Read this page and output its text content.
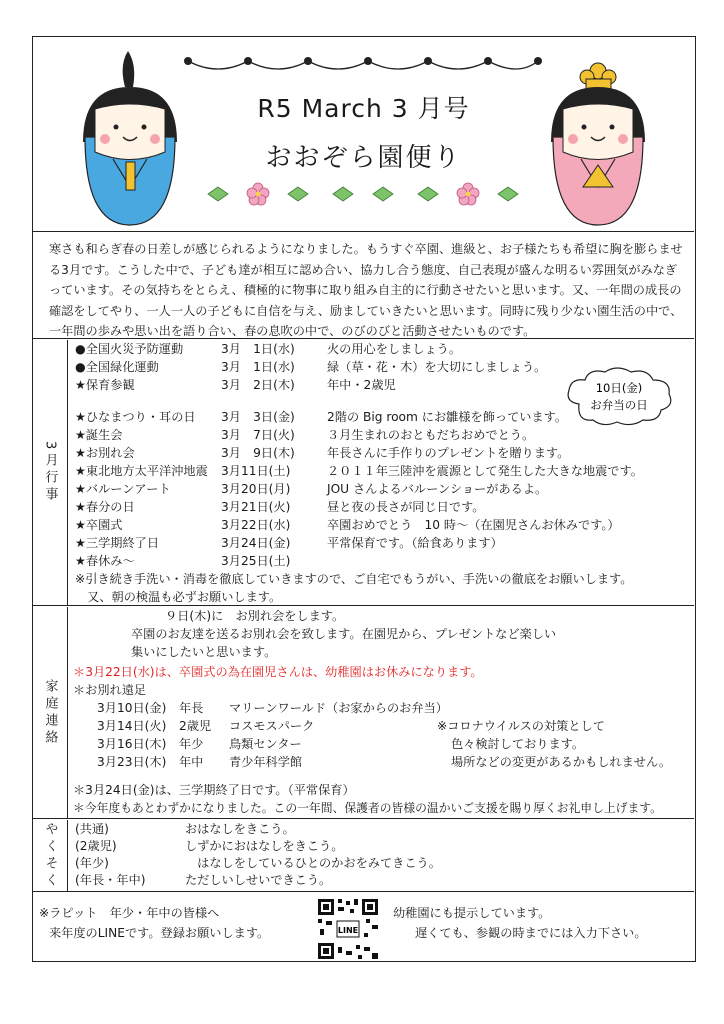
R5 March 3 月号
おおぞら園便り

寒さも和らぎ春の日差しが感じられるようになりました。もうすぐ卒園、進級と、お子様たちも希望に胸を膨らませ

る3月です。こうした中で、子ども達が相互に認め合い、協力し合う態度、自己表現が盛んな明るい雰囲気がみなぎ

っています。その気持ちをとらえ、積極的に物事に取り組み自主的に行動させたいと思います。又、一年間の成長の

確認をしてやり、一人一人の子どもに自信を与え、励ましていきたいと思います。同時に残り少ない園生活の中で、

一年間の歩みや思い出を語り合い、春の息吹の中で、のびのびと活動させたいものです。

3月行事
●全国火災予防運動	3月　1日(水)	火の用心をしましょう。
●全国緑化運動	3月　1日(水)	緑（草・花・木）を大切にしましょう。
★保育参観	3月　2日(木)	年中・2歳児
★ひなまつり・耳の日 3月　3日(金)	2階の Big room にお雛様を飾っています。
★誕生会	3月　7日(火)	３月生まれのおともだちおめでとう。
★お別れ会	3月　9日(木)	年長さんに手作りのプレゼントを贈ります。
★東北地方太平洋沖地震 3月11日(土)	２０１１年三陸沖を震源として発生した大きな地震です。
★バルーンアート	3月20日(月)	JOU さんよるバルーンショーがあるよ。
★春分の日	3月21日(火)	昼と夜の長さが同じ日です。
★卒園式	3月22日(水)	卒園おめでとう　10 時～（在園児さんお休みです。）
★三学期終了日	3月24日(金)	平常保育です。（給食あります）
★春休み～	3月25日(土)
※引き続き手洗い・消毒を徹底していきますので、ご自宅でもうがい、手洗いの徹底をお願いします。
　又、朝の検温も必ずお願いします。
10日(金)
お弁当の日
家庭連絡
９日(木)に　お別れ会をします。
卒園のお友達を送るお別れ会を致します。在園児から、プレゼントなど楽しい
集いにしたいと思います。
＊3月22日(水)は、卒園式の為在園児さんは、幼稚園はお休みになります。
＊お別れ遠足
3月10日(金) 年長 マリーンワールド（お家からのお弁当）
3月14日(火) 2歳児 コスモスパーク
3月16日(木) 年少 鳥類センター
3月23日(木) 年中 青少年科学館
※コロナウイルスの対策として
色々検討しております。
場所などの変更があるかもしれません。
＊3月24日(金)は、三学期終了日です。（平常保育）
＊今年度もあとわずかになりました。この一年間、保護者の皆様の温かいご支援を賜り厚くお礼申し上げます。
やくそく (共通)	おはなしをきこう。
(2歳児)	しずかにおはなしをきこう。
(年少)	　はなしをしているひとのかおをみてきこう。
(年長・年中)	ただしいしせいできこう。
※ラピット　年少・年中の皆様へ
来年度のLINEです。登録お願いします。	LINE
幼稚園にも提示しています。
遅くても、参観の時までには入力下さい。
